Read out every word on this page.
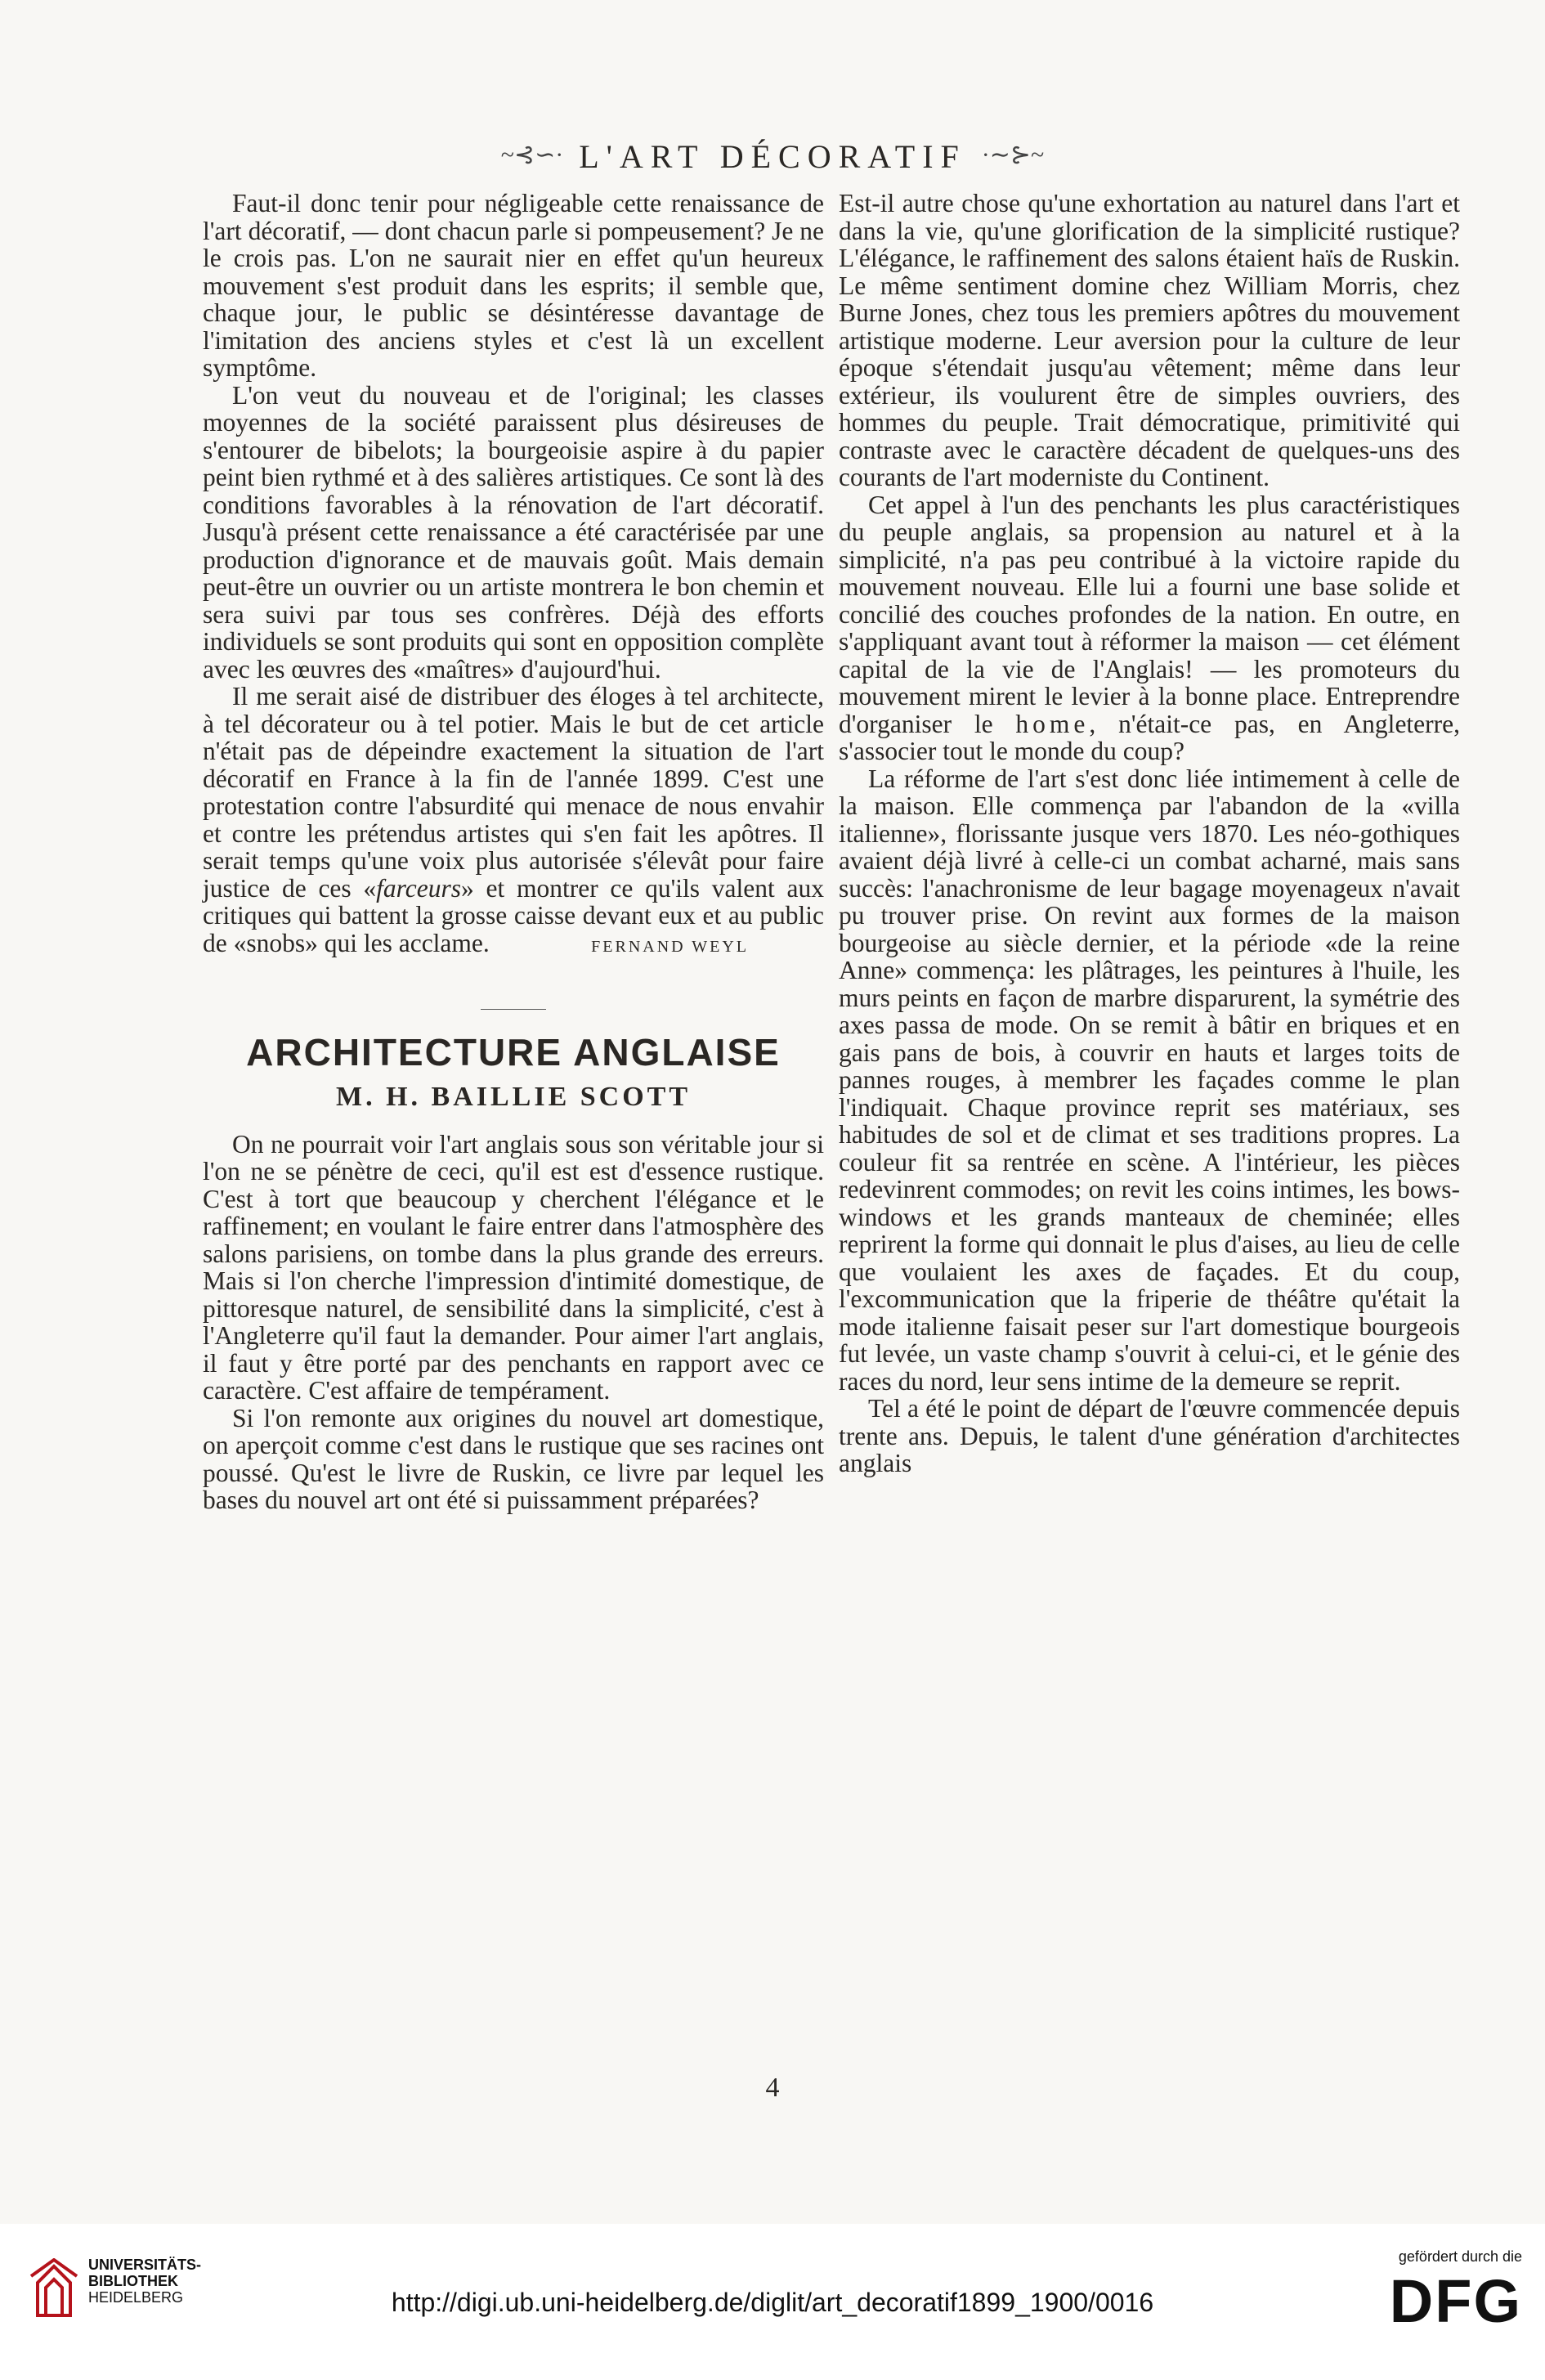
~⊰∽· L'ART DÉCORATIF ·∼⊱~

Faut-il donc tenir pour négligeable cette renaissance de l'art décoratif, — dont chacun parle si pompeusement? Je ne le crois pas. L'on ne saurait nier en effet qu'un heureux mouvement s'est produit dans les esprits; il semble que, chaque jour, le public se désintéresse davantage de l'imitation des anciens styles et c'est là un excellent symptôme.

L'on veut du nouveau et de l'original; les classes moyennes de la société paraissent plus désireuses de s'entourer de bibelots; la bourgeoisie aspire à du papier peint bien rythmé et à des salières artistiques. Ce sont là des conditions favorables à la rénovation de l'art décoratif. Jusqu'à présent cette renaissance a été caractérisée par une production d'ignorance et de mauvais goût. Mais demain peut-être un ouvrier ou un artiste montrera le bon chemin et sera suivi par tous ses confrères. Déjà des efforts individuels se sont produits qui sont en opposition complète avec les œuvres des «maîtres» d'aujourd'hui.

Il me serait aisé de distribuer des éloges à tel architecte, à tel décorateur ou à tel potier. Mais le but de cet article n'était pas de dépeindre exactement la situation de l'art décoratif en France à la fin de l'année 1899. C'est une protestation contre l'absurdité qui menace de nous envahir et contre les prétendus artistes qui s'en fait les apôtres. Il serait temps qu'une voix plus autorisée s'élevât pour faire justice de ces «farceurs» et montrer ce qu'ils valent aux critiques qui battent la grosse caisse devant eux et au public de «snobs» qui les acclame.	FERNAND WEYL
ARCHITECTURE ANGLAISE
M. H. BAILLIE SCOTT

On ne pourrait voir l'art anglais sous son véritable jour si l'on ne se pénètre de ceci, qu'il est est d'essence rustique. C'est à tort que beaucoup y cherchent l'élégance et le raffinement; en voulant le faire entrer dans l'atmosphère des salons parisiens, on tombe dans la plus grande des erreurs. Mais si l'on cherche l'impression d'intimité domestique, de pittoresque naturel, de sensibilité dans la simplicité, c'est à l'Angleterre qu'il faut la demander. Pour aimer l'art anglais, il faut y être porté par des penchants en rapport avec ce caractère. C'est affaire de tempérament.

Si l'on remonte aux origines du nouvel art domestique, on aperçoit comme c'est dans le rustique que ses racines ont poussé. Qu'est le livre de Ruskin, ce livre par lequel les bases du nouvel art ont été si puissamment préparées?

Est-il autre chose qu'une exhortation au naturel dans l'art et dans la vie, qu'une glorification de la simplicité rustique? L'élégance, le raffinement des salons étaient haïs de Ruskin. Le même sentiment domine chez William Morris, chez Burne Jones, chez tous les premiers apôtres du mouvement artistique moderne. Leur aversion pour la culture de leur époque s'étendait jusqu'au vêtement; même dans leur extérieur, ils voulurent être de simples ouvriers, des hommes du peuple. Trait démocratique, primitivité qui contraste avec le caractère décadent de quelques-uns des courants de l'art moderniste du Continent.

Cet appel à l'un des penchants les plus caractéristiques du peuple anglais, sa propension au naturel et à la simplicité, n'a pas peu contribué à la victoire rapide du mouvement nouveau. Elle lui a fourni une base solide et concilié des couches profondes de la nation. En outre, en s'appliquant avant tout à réformer la maison — cet élément capital de la vie de l'Anglais! — les promoteurs du mouvement mirent le levier à la bonne place. Entreprendre d'organiser le home, n'était-ce pas, en Angleterre, s'associer tout le monde du coup?

La réforme de l'art s'est donc liée intimement à celle de la maison. Elle commença par l'abandon de la «villa italienne», florissante jusque vers 1870. Les néo-gothiques avaient déjà livré à celle-ci un combat acharné, mais sans succès: l'anachronisme de leur bagage moyenageux n'avait pu trouver prise. On revint aux formes de la maison bourgeoise au siècle dernier, et la période «de la reine Anne» commença: les plâtrages, les peintures à l'huile, les murs peints en façon de marbre disparurent, la symétrie des axes passa de mode. On se remit à bâtir en briques et en gais pans de bois, à couvrir en hauts et larges toits de pannes rouges, à membrer les façades comme le plan l'indiquait. Chaque province reprit ses matériaux, ses habitudes de sol et de climat et ses traditions propres. La couleur fit sa rentrée en scène. A l'intérieur, les pièces redevinrent commodes; on revit les coins intimes, les bows-windows et les grands manteaux de cheminée; elles reprirent la forme qui donnait le plus d'aises, au lieu de celle que voulaient les axes de façades. Et du coup, l'excommunication que la friperie de théâtre qu'était la mode italienne faisait peser sur l'art domestique bourgeois fut levée, un vaste champ s'ouvrit à celui-ci, et le génie des races du nord, leur sens intime de la demeure se reprit.

Tel a été le point de départ de l'œuvre commencée depuis trente ans. Depuis, le talent d'une génération d'architectes anglais

4
UNIVERSITÄTS-
BIBLIOTHEK
HEIDELBERG	http://digi.ub.uni-heidelberg.de/diglit/art_decoratif1899_1900/0016
gefördert durch die
DFG
